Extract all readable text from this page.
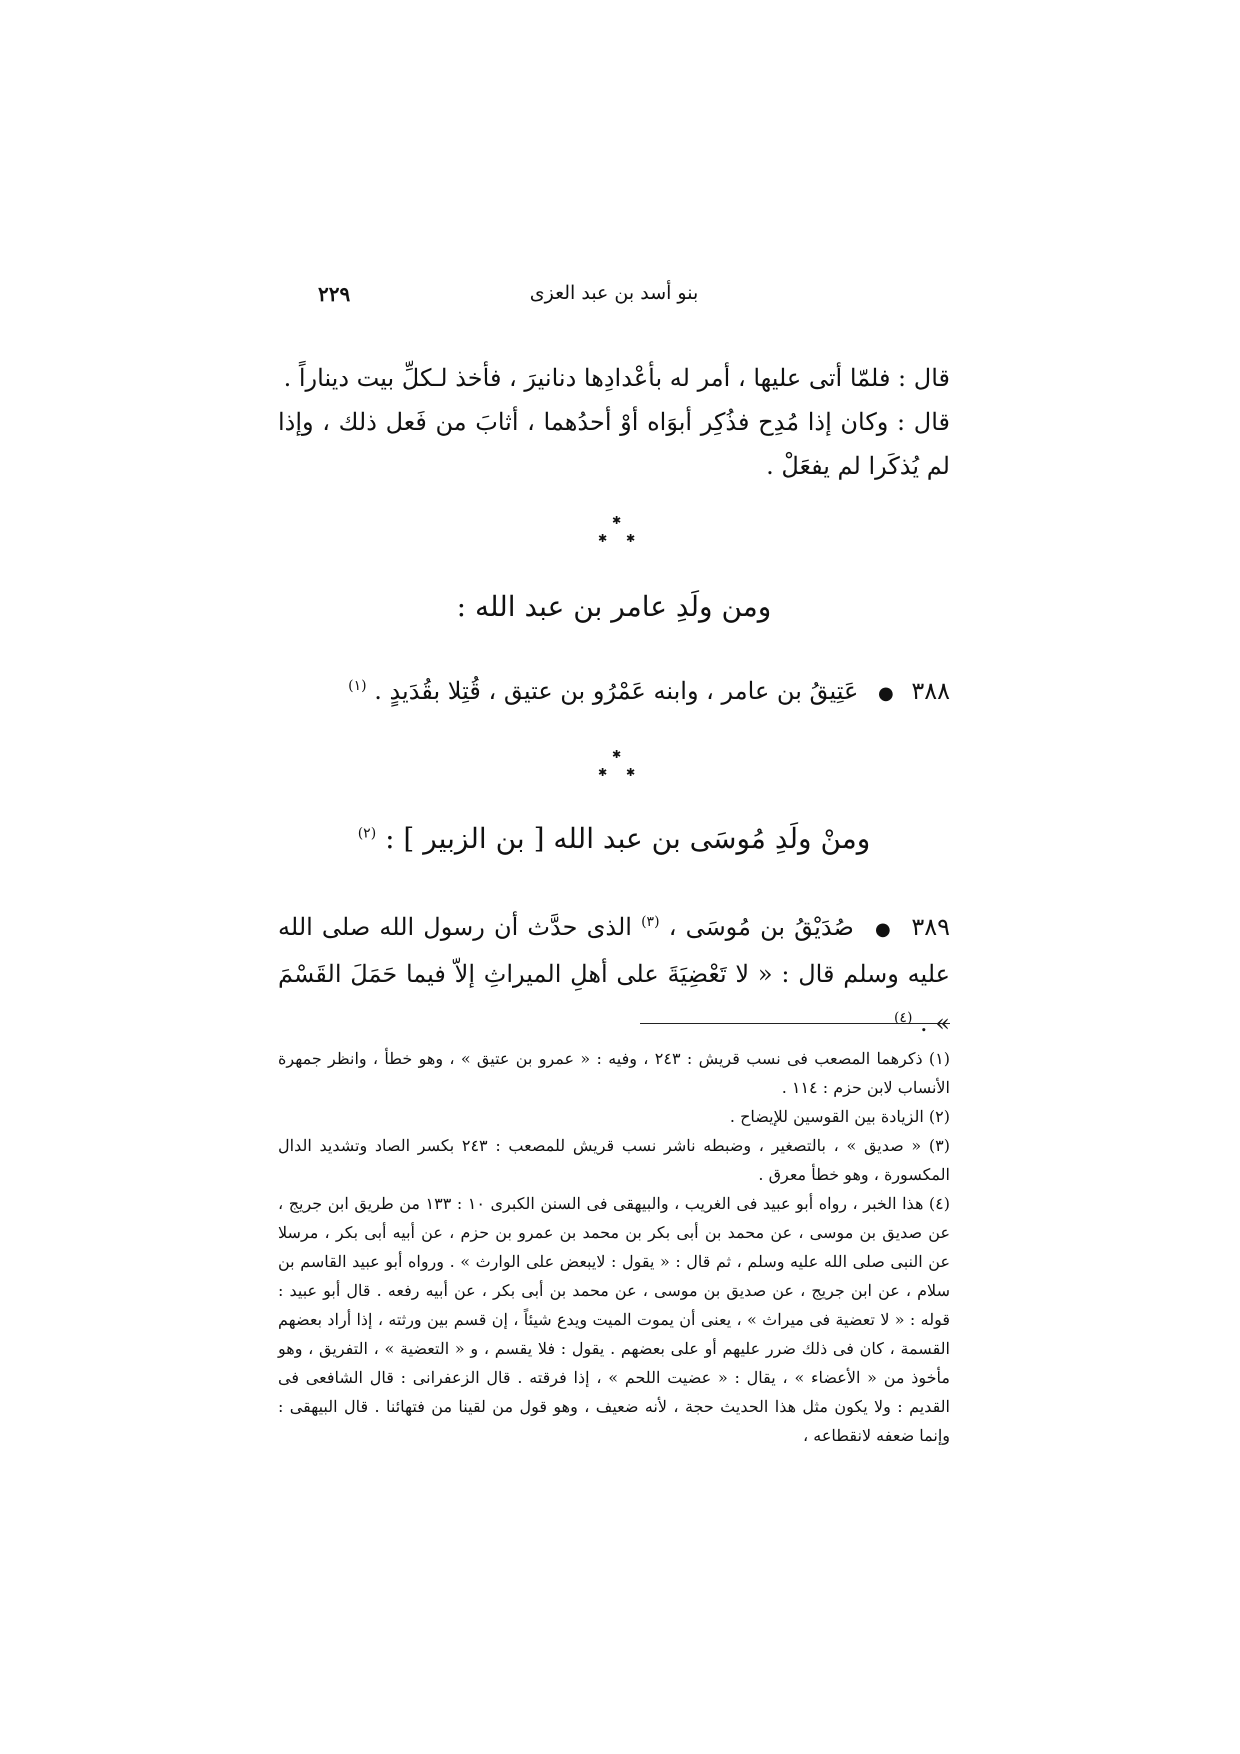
بنو أسد بن عبد العزى
٢٢٩

قال : فلمّا أتى عليها ، أمر له بأعْدادِها دنانيرَ ، فأخذ لـكلِّ بيت ديناراً .

قال : وكان إذا مُدِح فذُكِر أبوَاه أوْ أحدُهما ، أثابَ من فَعل ذلك ، وإذا لم يُذكَرا لم يفعَلْ .

✱
✱ ✱
ومن ولَدِ عامر بن عبد الله :

٣٨٨ ● عَتِيقُ بن عامر ، وابنه عَمْرُو بن عتيق ، قُتِلا بقُدَيدٍ . $^{(١)}$

✱
✱ ✱
ومنْ ولَدِ مُوسَى بن عبد الله [ بن الزبير ] : $^{(٢)}$

٣٨٩ ● صُدَيْقُ بن مُوسَى ، $^{(٣)}$ الذى حدَّث أن رسول الله صلى الله عليه وسلم قال : « لا تَعْضِيَةَ على أهلِ الميراثِ إلاّ فيما حَمَلَ القَسْمَ » . $^{(٤)}$

(١) ذكرهما المصعب فى نسب قريش : ٢٤٣ ، وفيه : « عمرو بن عتيق » ، وهو خطأ ، وانظر جمهرة الأنساب لابن حزم : ١١٤ .

(٢) الزيادة بين القوسين للإيضاح .

(٣) « صديق » ، بالتصغير ، وضبطه ناشر نسب قريش للمصعب : ٢٤٣ بكسر الصاد وتشديد الدال المكسورة ، وهو خطأ معرق .

(٤) هذا الخبر ، رواه أبو عبيد فى الغريب ، والبيهقى فى السنن الكبرى ١٠ : ١٣٣ من طريق ابن جريج ، عن صديق بن موسى ، عن محمد بن أبى بكر بن محمد بن عمرو بن حزم ، عن أبيه أبى بكر ، مرسلا عن النبى صلى الله عليه وسلم ، ثم قال : « يقول : لايبعض على الوارث » . ورواه أبو عبيد القاسم بن سلام ، عن ابن جريج ، عن صديق بن موسى ، عن محمد بن أبى بكر ، عن أبيه رفعه . قال أبو عبيد : قوله : « لا تعضية فى ميراث » ، يعنى أن يموت الميت ويدع شيئاً ، إن قسم بين ورثته ، إذا أراد بعضهم القسمة ، كان فى ذلك ضرر عليهم أو على بعضهم . يقول : فلا يقسم ، و « التعضية » ، التفريق ، وهو مأخوذ من « الأعضاء » ، يقال : « عضيت اللحم » ، إذا فرقته . قال الزعفرانى : قال الشافعى فى القديم : ولا يكون مثل هذا الحديث حجة ، لأنه ضعيف ، وهو قول من لقينا من فتهائنا . قال البيهقى : وإنما ضعفه لانقطاعه ،
